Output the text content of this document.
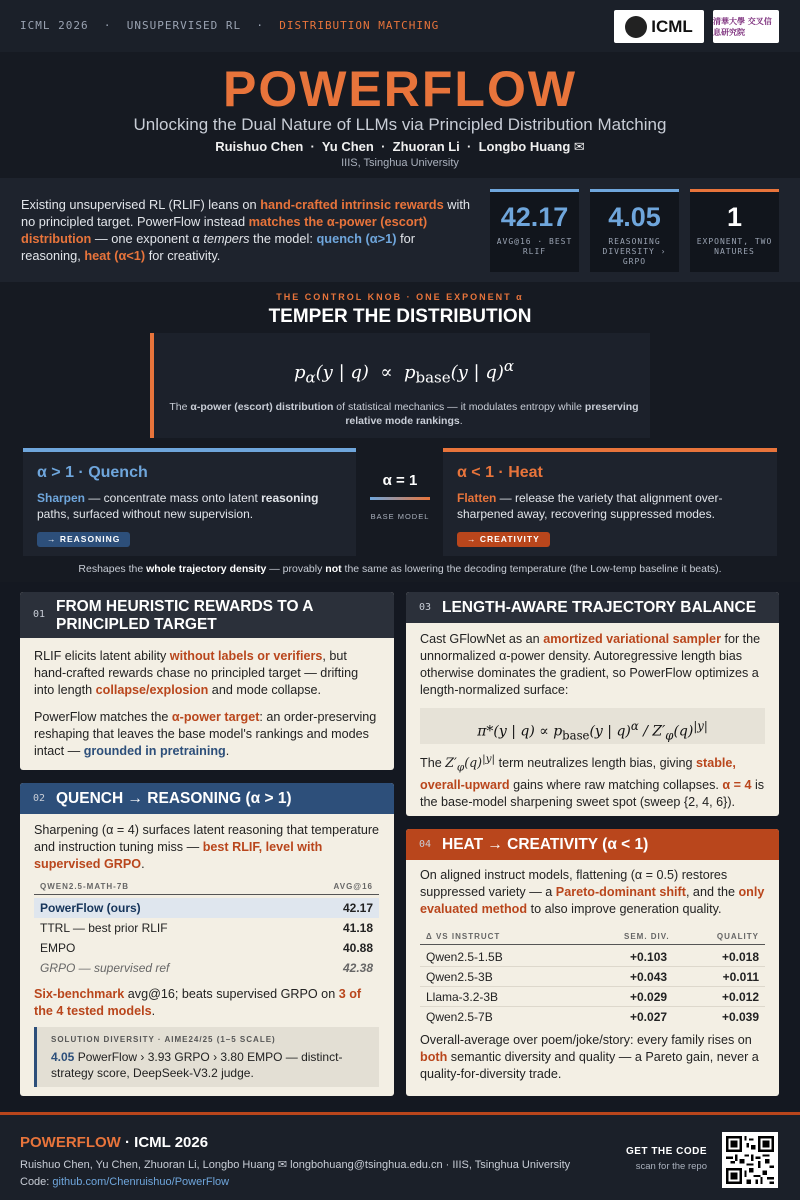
ICML 2026 · UNSUPERVISED RL · DISTRIBUTION MATCHING	ICML	清華大學 交叉信息研究院
POWERFLOW
Unlocking the Dual Nature of LLMs via Principled Distribution Matching
Ruishuo Chen  ·  Yu Chen  ·  Zhuoran Li  ·  Longbo Huang ✉
IIIS, Tsinghua University
Existing unsupervised RL (RLIF) leans on hand-crafted intrinsic rewards with no principled target. PowerFlow instead matches the α-power (escort) distribution — one exponent α tempers the model: quench (α>1) for reasoning, heat (α<1) for creativity.
42.17
AVG@16 · BEST RLIF
4.05
REASONING DIVERSITY › GRPO
1
EXPONENT, TWO NATURES
THE CONTROL KNOB · ONE EXPONENT α
TEMPER THE DISTRIBUTION
$p_\alpha(y$ | $q) \propto p_{base}(y$ | q)$^\alpha$
The α-power (escort) distribution of statistical mechanics — it modulates entropy while preserving relative mode rankings.
α > 1 · Quench
Sharpen — concentrate mass onto latent reasoning paths, surfaced without new supervision.
→ REASONING
α = 1
BASE MODEL
α < 1 · Heat
Flatten — release the variety that alignment over-sharpened away, recovering suppressed modes.
→ CREATIVITY
Reshapes the whole trajectory density — provably not the same as lowering the decoding temperature (the Low-temp baseline it beats).
01 FROM HEURISTIC REWARDS TO A PRINCIPLED TARGET
RLIF elicits latent ability without labels or verifiers, but hand-crafted rewards chase no principled target — drifting into length collapse/explosion and mode collapse.
PowerFlow matches the α-power target: an order-preserving reshaping that leaves the base model's rankings and modes intact — grounded in pretraining.
02 QUENCH → REASONING (α > 1)
Sharpening (α = 4) surfaces latent reasoning that temperature and instruction tuning miss — best RLIF, level with supervised GRPO.
QWEN2.5-MATH-7B	AVG@16
PowerFlow (ours)	42.17
TTRL — best prior RLIF	41.18
EMPO	40.88
GRPO — supervised ref	42.38
Six-benchmark avg@16; beats supervised GRPO on 3 of the 4 tested models.
SOLUTION DIVERSITY · AIME24/25 (1–5 SCALE)
4.05 PowerFlow › 3.93 GRPO › 3.80 EMPO — distinct-strategy score, DeepSeek-V3.2 judge.
03 LENGTH-AWARE TRAJECTORY BALANCE
Cast GFlowNet as an amortized variational sampler for the unnormalized α-power density. Autoregressive length bias otherwise dominates the gradient, so PowerFlow optimizes a length-normalized surface:
π*(y | $q) \propto p_{base}(y$ | $q)^\alpha / Z'_\varphi(q)^{|y|}$
The $Z'_\varphi(q)^{|y|}$ term neutralizes length bias, giving stable, overall-upward gains where raw matching collapses. α = 4 is the base-model sharpening sweet spot (sweep {2, 4, 6}).
04 HEAT → CREATIVITY (α < 1)
On aligned instruct models, flattening (α = 0.5) restores suppressed variety — a Pareto-dominant shift, and the only evaluated method to also improve generation quality.
Δ VS INSTRUCT	SEM. DIV.	QUALITY
Qwen2.5-1.5B	+0.103	+0.018
Qwen2.5-3B	+0.043	+0.011
Llama-3.2-3B	+0.029	+0.012
Qwen2.5-7B	+0.027	+0.039
Overall-average over poem/joke/story: every family rises on both semantic diversity and quality — a Pareto gain, never a quality-for-diversity trade.
POWERFLOW · ICML 2026
Ruishuo Chen, Yu Chen, Zhuoran Li, Longbo Huang ✉ longbohuang@tsinghua.edu.cn · IIIS, Tsinghua University
Code: github.com/Chenruishuo/PowerFlow
GET THE CODE
scan for the repo
